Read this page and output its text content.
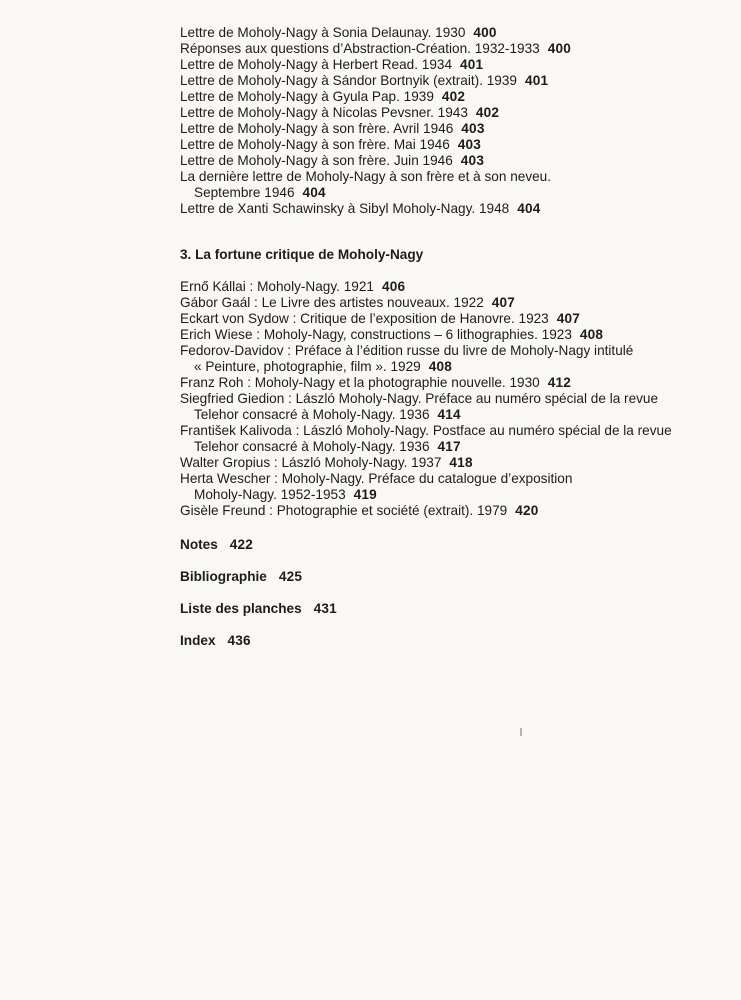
Lettre de Moholy-Nagy à Sonia Delaunay. 1930 400
Réponses aux questions d’Abstraction-Création. 1932-1933 400
Lettre de Moholy-Nagy à Herbert Read. 1934 401
Lettre de Moholy-Nagy à Sándor Bortnyik (extrait). 1939 401
Lettre de Moholy-Nagy à Gyula Pap. 1939 402
Lettre de Moholy-Nagy à Nicolas Pevsner. 1943 402
Lettre de Moholy-Nagy à son frère. Avril 1946 403
Lettre de Moholy-Nagy à son frère. Mai 1946 403
Lettre de Moholy-Nagy à son frère. Juin 1946 403
La dernière lettre de Moholy-Nagy à son frère et à son neveu.
Septembre 1946 404
Lettre de Xanti Schawinsky à Sibyl Moholy-Nagy. 1948 404
3. La fortune critique de Moholy-Nagy
Ernő Kállai : Moholy-Nagy. 1921 406
Gábor Gaál : Le Livre des artistes nouveaux. 1922 407
Eckart von Sydow : Critique de l’exposition de Hanovre. 1923 407
Erich Wiese : Moholy-Nagy, constructions – 6 lithographies. 1923 408
Fedorov-Davidov : Préface à l’édition russe du livre de Moholy-Nagy intitulé
« Peinture, photographie, film ». 1929 408
Franz Roh : Moholy-Nagy et la photographie nouvelle. 1930 412
Siegfried Giedion : László Moholy-Nagy. Préface au numéro spécial de la revue
Telehor consacré à Moholy-Nagy. 1936 414
František Kalivoda : László Moholy-Nagy. Postface au numéro spécial de la revue
Telehor consacré à Moholy-Nagy. 1936 417
Walter Gropius : László Moholy-Nagy. 1937 418
Herta Wescher : Moholy-Nagy. Préface du catalogue d’exposition
Moholy-Nagy. 1952-1953 419
Gisèle Freund : Photographie et société (extrait). 1979 420

Notes 422

Bibliographie 425

Liste des planches 431

Index 436
